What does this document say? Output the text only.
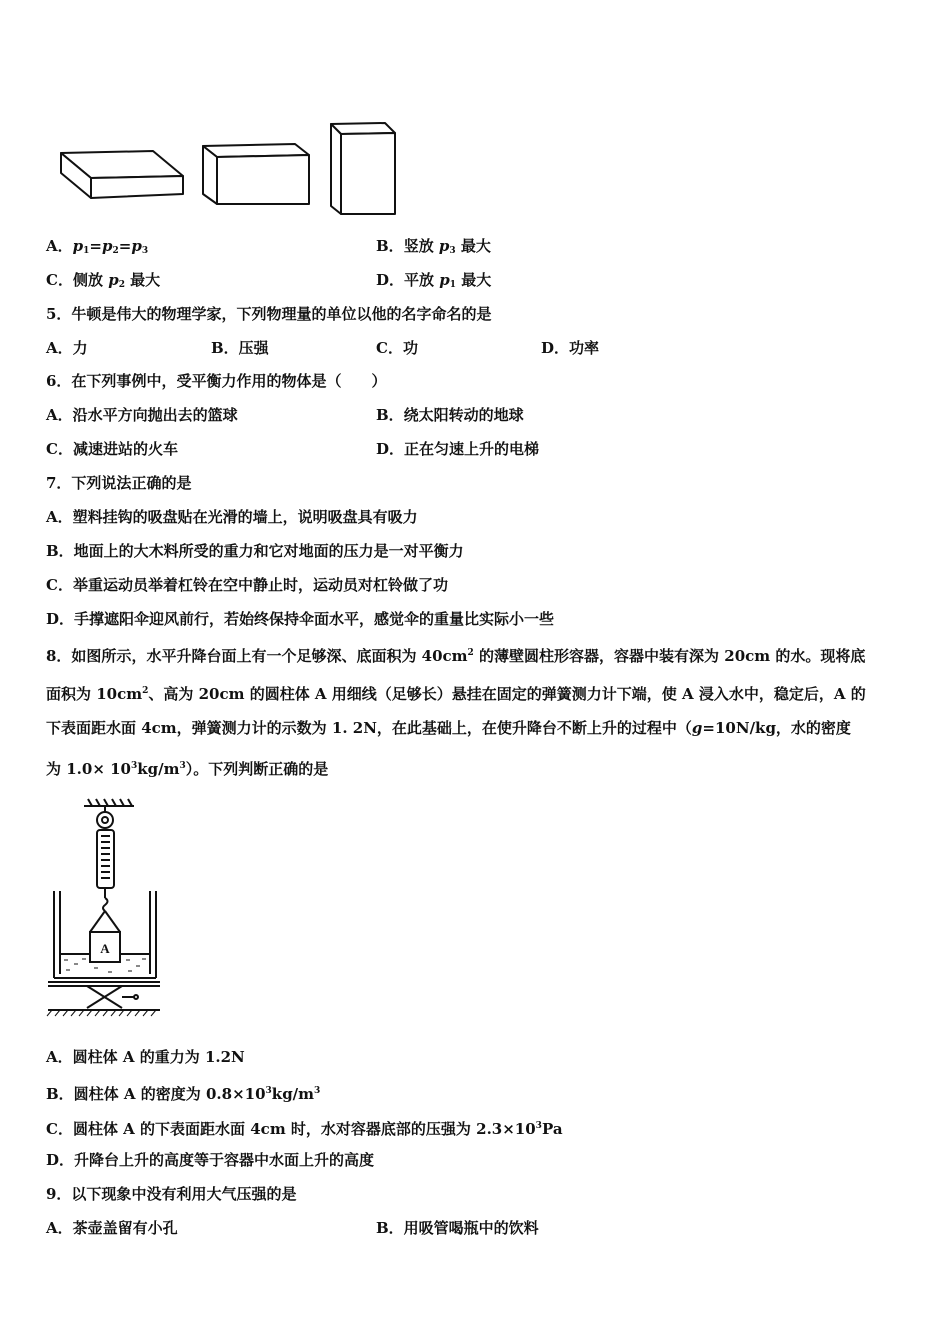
A．$p_1=p_2=p_3$	B．竖放 $p_3$ 最大
C．侧放 $p_2$ 最大	D．平放 $p_1$ 最大
5．牛顿是伟大的物理学家，下列物理量的单位以他的名字命名的是
A．力	B．压强	C．功	D．功率
6．在下列事例中，受平衡力作用的物体是（　　）
A．沿水平方向抛出去的篮球	B．绕太阳转动的地球
C．减速进站的火车	D．正在匀速上升的电梯
7．下列说法正确的是
A．塑料挂钩的吸盘贴在光滑的墙上，说明吸盘具有吸力
B．地面上的大木料所受的重力和它对地面的压力是一对平衡力
C．举重运动员举着杠铃在空中静止时，运动员对杠铃做了功
D．手撑遮阳伞迎风前行，若始终保持伞面水平，感觉伞的重量比实际小一些
8．如图所示，水平升降台面上有一个足够深、底面积为 $40cm^2$ 的薄壁圆柱形容器，容器中装有深为 20cm 的水。现将底
面积为 $10cm^2$、高为 20cm 的圆柱体 A 用细线（足够长）悬挂在固定的弹簧测力计下端，使 A 浸入水中，稳定后，A 的
下表面距水面 4cm，弹簧测力计的示数为 1. 2N，在此基础上，在使升降台不断上升的过程中（g=10N/kg，水的密度
为 $1.0\times 10^3kg/m^3$）。下列判断正确的是
A
A．圆柱体 A 的重力为 1.2N
B．圆柱体 A 的密度为 $0.8\times 10^3kg/m^3$
C．圆柱体 A 的下表面距水面 4cm 时，水对容器底部的压强为 $2.3\times 10^3Pa$
D．升降台上升的高度等于容器中水面上升的高度
9．以下现象中没有利用大气压强的是
A．茶壶盖留有小孔	B．用吸管喝瓶中的饮料
